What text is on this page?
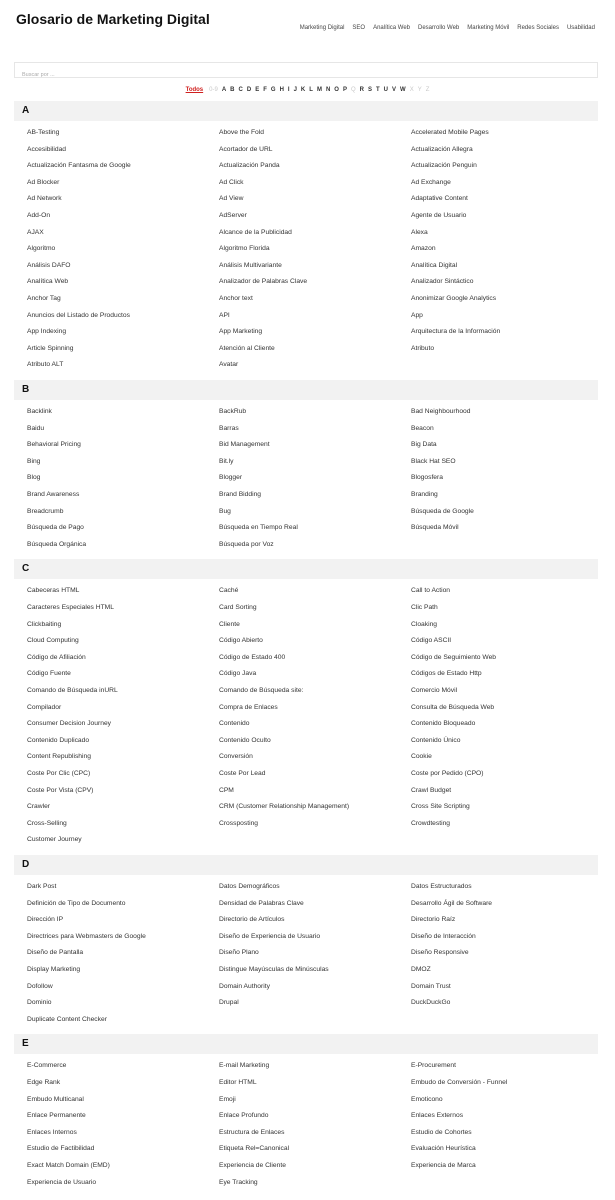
Glosario de Marketing Digital
Marketing Digital SEO Analítica Web Desarrollo Web Marketing Móvil Redes Sociales Usabilidad
Buscar por ...
Todos 0-9 A B C D E F G H I J K L M N O P Q R S T U V W X Y Z
A
AB-Testing	Above the Fold	Accelerated Mobile Pages
Accesibilidad	Acortador de URL	Actualización Allegra
Actualización Fantasma de Google	Actualización Panda	Actualización Penguin
Ad Blocker	Ad Click	Ad Exchange
Ad Network	Ad View	Adaptative Content
Add-On	AdServer	Agente de Usuario
AJAX	Alcance de la Publicidad	Alexa
Algoritmo	Algoritmo Florida	Amazon
Análisis DAFO	Análisis Multivariante	Analítica Digital
Analítica Web	Analizador de Palabras Clave	Analizador Sintáctico
Anchor Tag	Anchor text	Anonimizar Google Analytics
Anuncios del Listado de Productos	API	App
App Indexing	App Marketing	Arquitectura de la Información
Article Spinning	Atención al Cliente	Atributo
Atributo ALT	Avatar
B
Backlink	BackRub	Bad Neighbourhood
Baidu	Barras	Beacon
Behavioral Pricing	Bid Management	Big Data
Bing	Bit.ly	Black Hat SEO
Blog	Blogger	Blogosfera
Brand Awareness	Brand Bidding	Branding
Breadcrumb	Bug	Búsqueda de Google
Búsqueda de Pago	Búsqueda en Tiempo Real	Búsqueda Móvil
Búsqueda Orgánica	Búsqueda por Voz
C
Cabeceras HTML	Caché	Call to Action
Caracteres Especiales HTML	Card Sorting	Clic Path
Clickbaiting	Cliente	Cloaking
Cloud Computing	Código Abierto	Código ASCII
Código de Afiliación	Código de Estado 400	Código de Seguimiento Web
Código Fuente	Código Java	Códigos de Estado Http
Comando de Búsqueda inURL	Comando de Búsqueda site:	Comercio Móvil
Compilador	Compra de Enlaces	Consulta de Búsqueda Web
Consumer Decision Journey	Contenido	Contenido Bloqueado
Contenido Duplicado	Contenido Oculto	Contenido Único
Content Republishing	Conversión	Cookie
Coste Por Clic (CPC)	Coste Por Lead	Coste por Pedido (CPO)
Coste Por Vista (CPV)	CPM	Crawl Budget
Crawler	CRM (Customer Relationship Management)	Cross Site Scripting
Cross-Selling	Crossposting	Crowdtesting
Customer Journey
D
Dark Post	Datos Demográficos	Datos Estructurados
Definición de Tipo de Documento	Densidad de Palabras Clave	Desarrollo Ágil de Software
Dirección IP	Directorio de Artículos	Directorio Raíz
Directrices para Webmasters de Google	Diseño de Experiencia de Usuario	Diseño de Interacción
Diseño de Pantalla	Diseño Plano	Diseño Responsive
Display Marketing	Distingue Mayúsculas de Minúsculas	DMOZ
Dofollow	Domain Authority	Domain Trust
Dominio	Drupal	DuckDuckGo
Duplicate Content Checker
E
E-Commerce	E-mail Marketing	E-Procurement
Edge Rank	Editor HTML	Embudo de Conversión - Funnel
Embudo Multicanal	Emoji	Emoticono
Enlace Permanente	Enlace Profundo	Enlaces Externos
Enlaces Internos	Estructura de Enlaces	Estudio de Cohortes
Estudio de Factibilidad	Etiqueta Rel=Canonical	Evaluación Heurística
Exact Match Domain (EMD)	Experiencia de Cliente	Experiencia de Marca
Experiencia de Usuario	Eye Tracking
